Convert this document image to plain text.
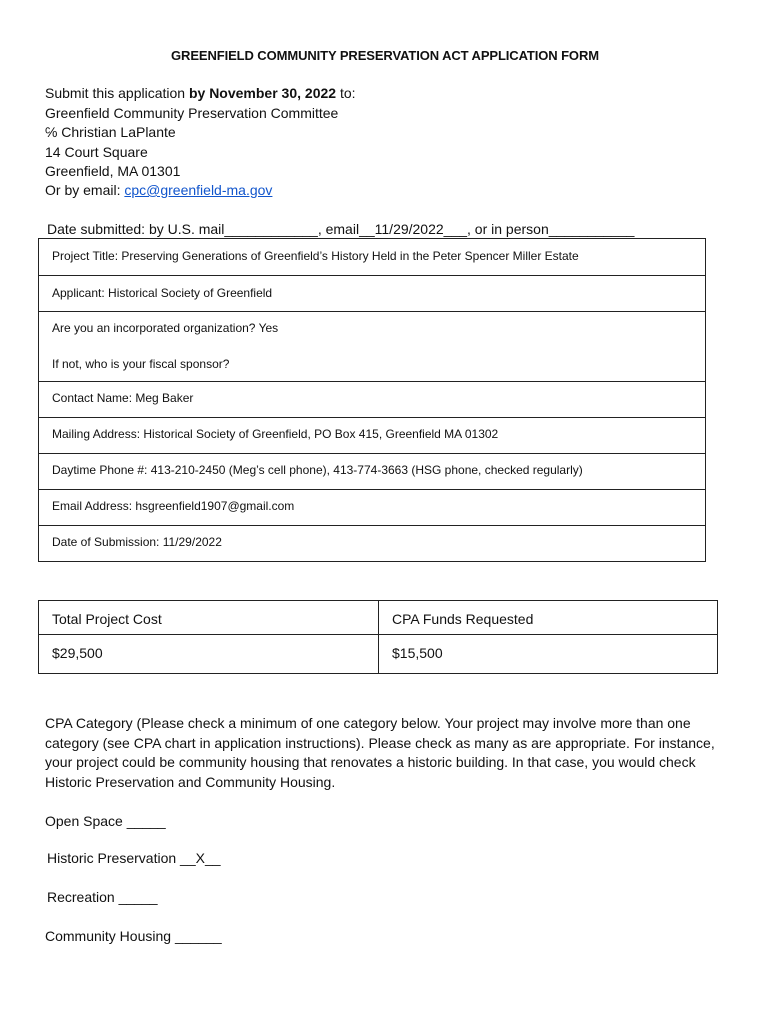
GREENFIELD COMMUNITY PRESERVATION ACT APPLICATION FORM
Submit this application by November 30, 2022 to:
Greenfield Community Preservation Committee
℅ Christian LaPlante
14 Court Square
Greenfield, MA 01301
Or by email: cpc@greenfield-ma.gov
Date submitted: by U.S. mail____________, email__11/29/2022___, or in person___________
Project Title: Preserving Generations of Greenfield’s History Held in the Peter Spencer Miller Estate
Applicant: Historical Society of Greenfield
Are you an incorporated organization? Yes
If not, who is your fiscal sponsor?
Contact Name: Meg Baker
Mailing Address: Historical Society of Greenfield, PO Box 415, Greenfield MA 01302
Daytime Phone #: 413-210-2450 (Meg’s cell phone), 413-774-3663 (HSG phone, checked regularly)
Email Address: hsgreenfield1907@gmail.com
Date of Submission: 11/29/2022
Total Project Cost	CPA Funds Requested
$29,500	$15,500
CPA Category (Please check a minimum of one category below. Your project may involve more than one category (see CPA chart in application instructions). Please check as many as are appropriate. For instance, your project could be community housing that renovates a historic building. In that case, you would check Historic Preservation and Community Housing.
Open Space _____
Historic Preservation __X__
Recreation _____
Community Housing ______
